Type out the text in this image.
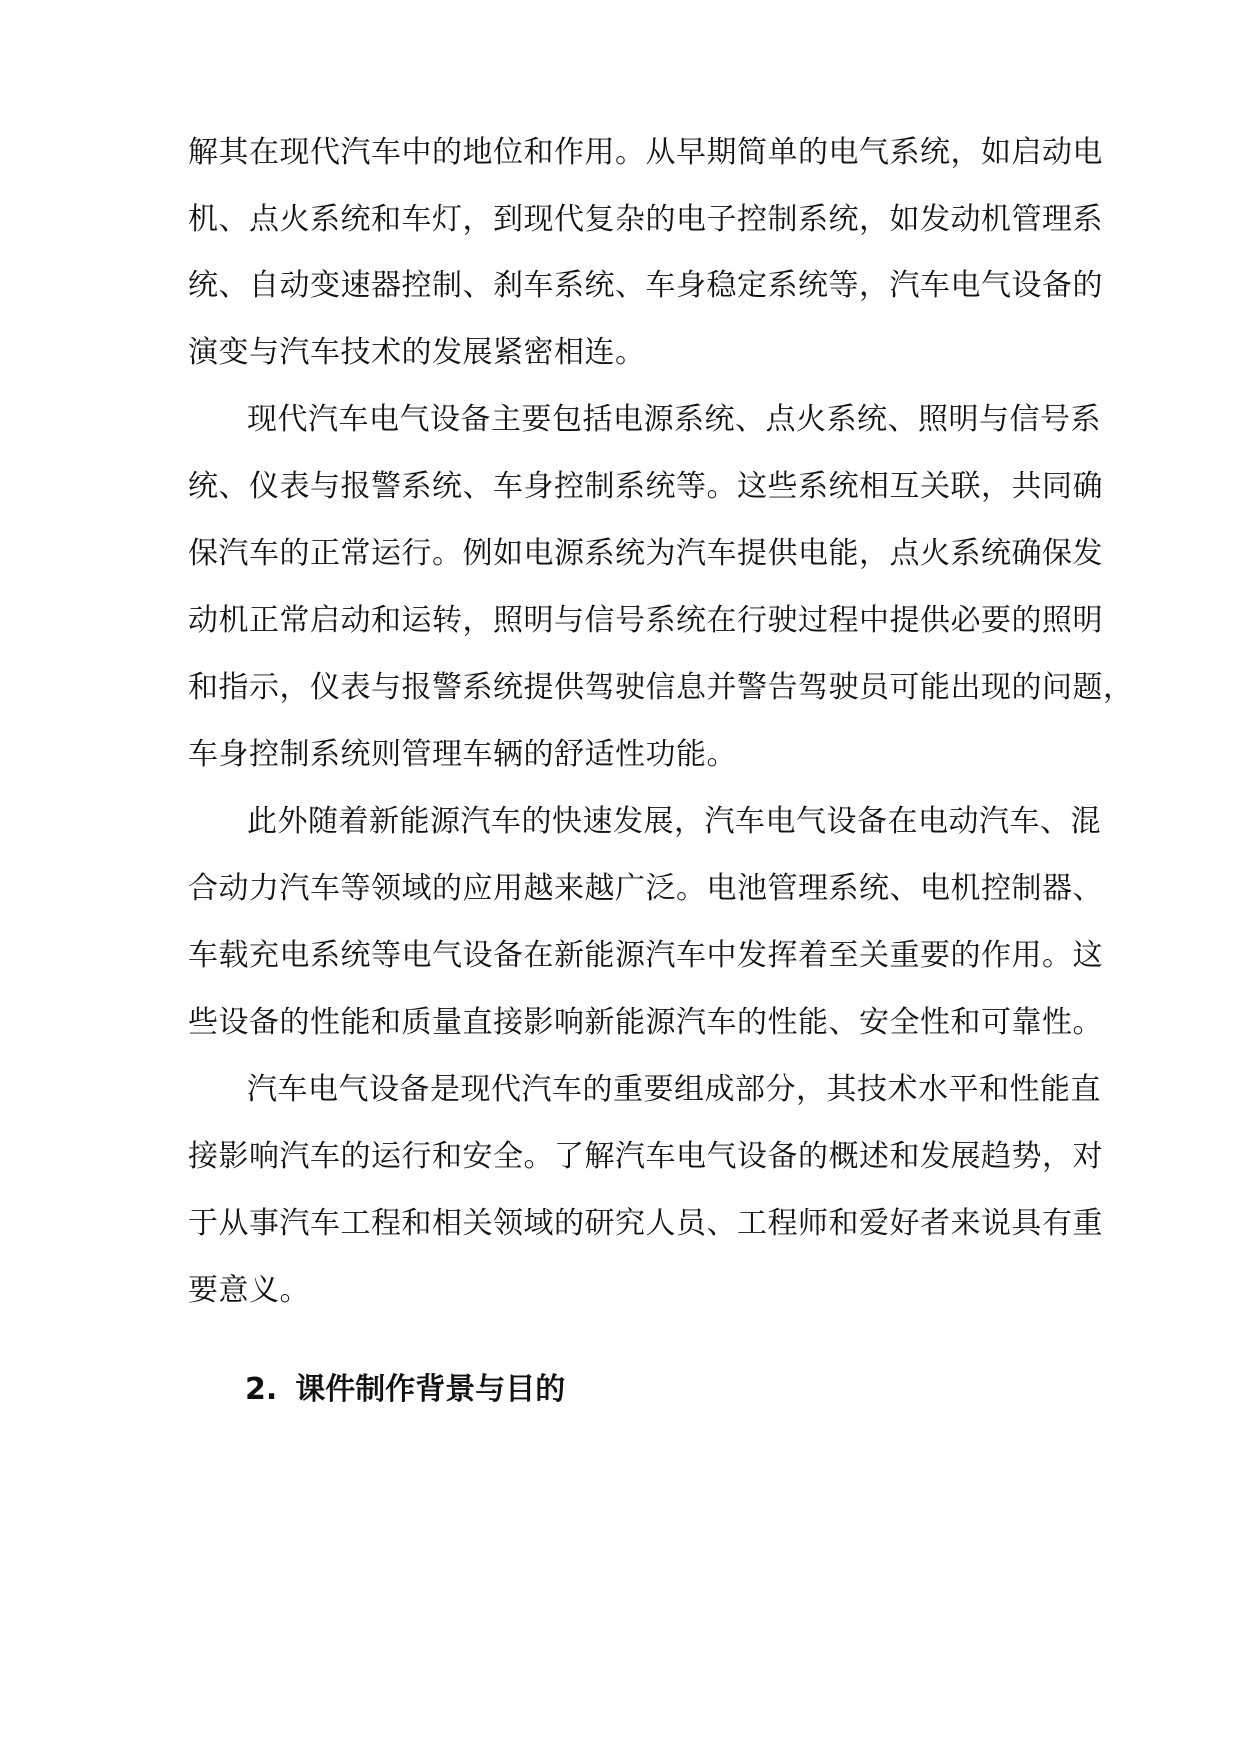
解其在现代汽车中的地位和作用。从早期简单的电气系统，如启动电
机、点火系统和车灯，到现代复杂的电子控制系统，如发动机管理系
统、自动变速器控制、刹车系统、车身稳定系统等，汽车电气设备的
演变与汽车技术的发展紧密相连。
现代汽车电气设备主要包括电源系统、点火系统、照明与信号系
统、仪表与报警系统、车身控制系统等。这些系统相互关联，共同确
保汽车的正常运行。例如电源系统为汽车提供电能，点火系统确保发
动机正常启动和运转，照明与信号系统在行驶过程中提供必要的照明
和指示，仪表与报警系统提供驾驶信息并警告驾驶员可能出现的问题，
车身控制系统则管理车辆的舒适性功能。
此外随着新能源汽车的快速发展，汽车电气设备在电动汽车、混
合动力汽车等领域的应用越来越广泛。电池管理系统、电机控制器、
车载充电系统等电气设备在新能源汽车中发挥着至关重要的作用。这
些设备的性能和质量直接影响新能源汽车的性能、安全性和可靠性。
汽车电气设备是现代汽车的重要组成部分，其技术水平和性能直
接影响汽车的运行和安全。了解汽车电气设备的概述和发展趋势，对
于从事汽车工程和相关领域的研究人员、工程师和爱好者来说具有重
要意义。
2. 课件制作背景与目的
